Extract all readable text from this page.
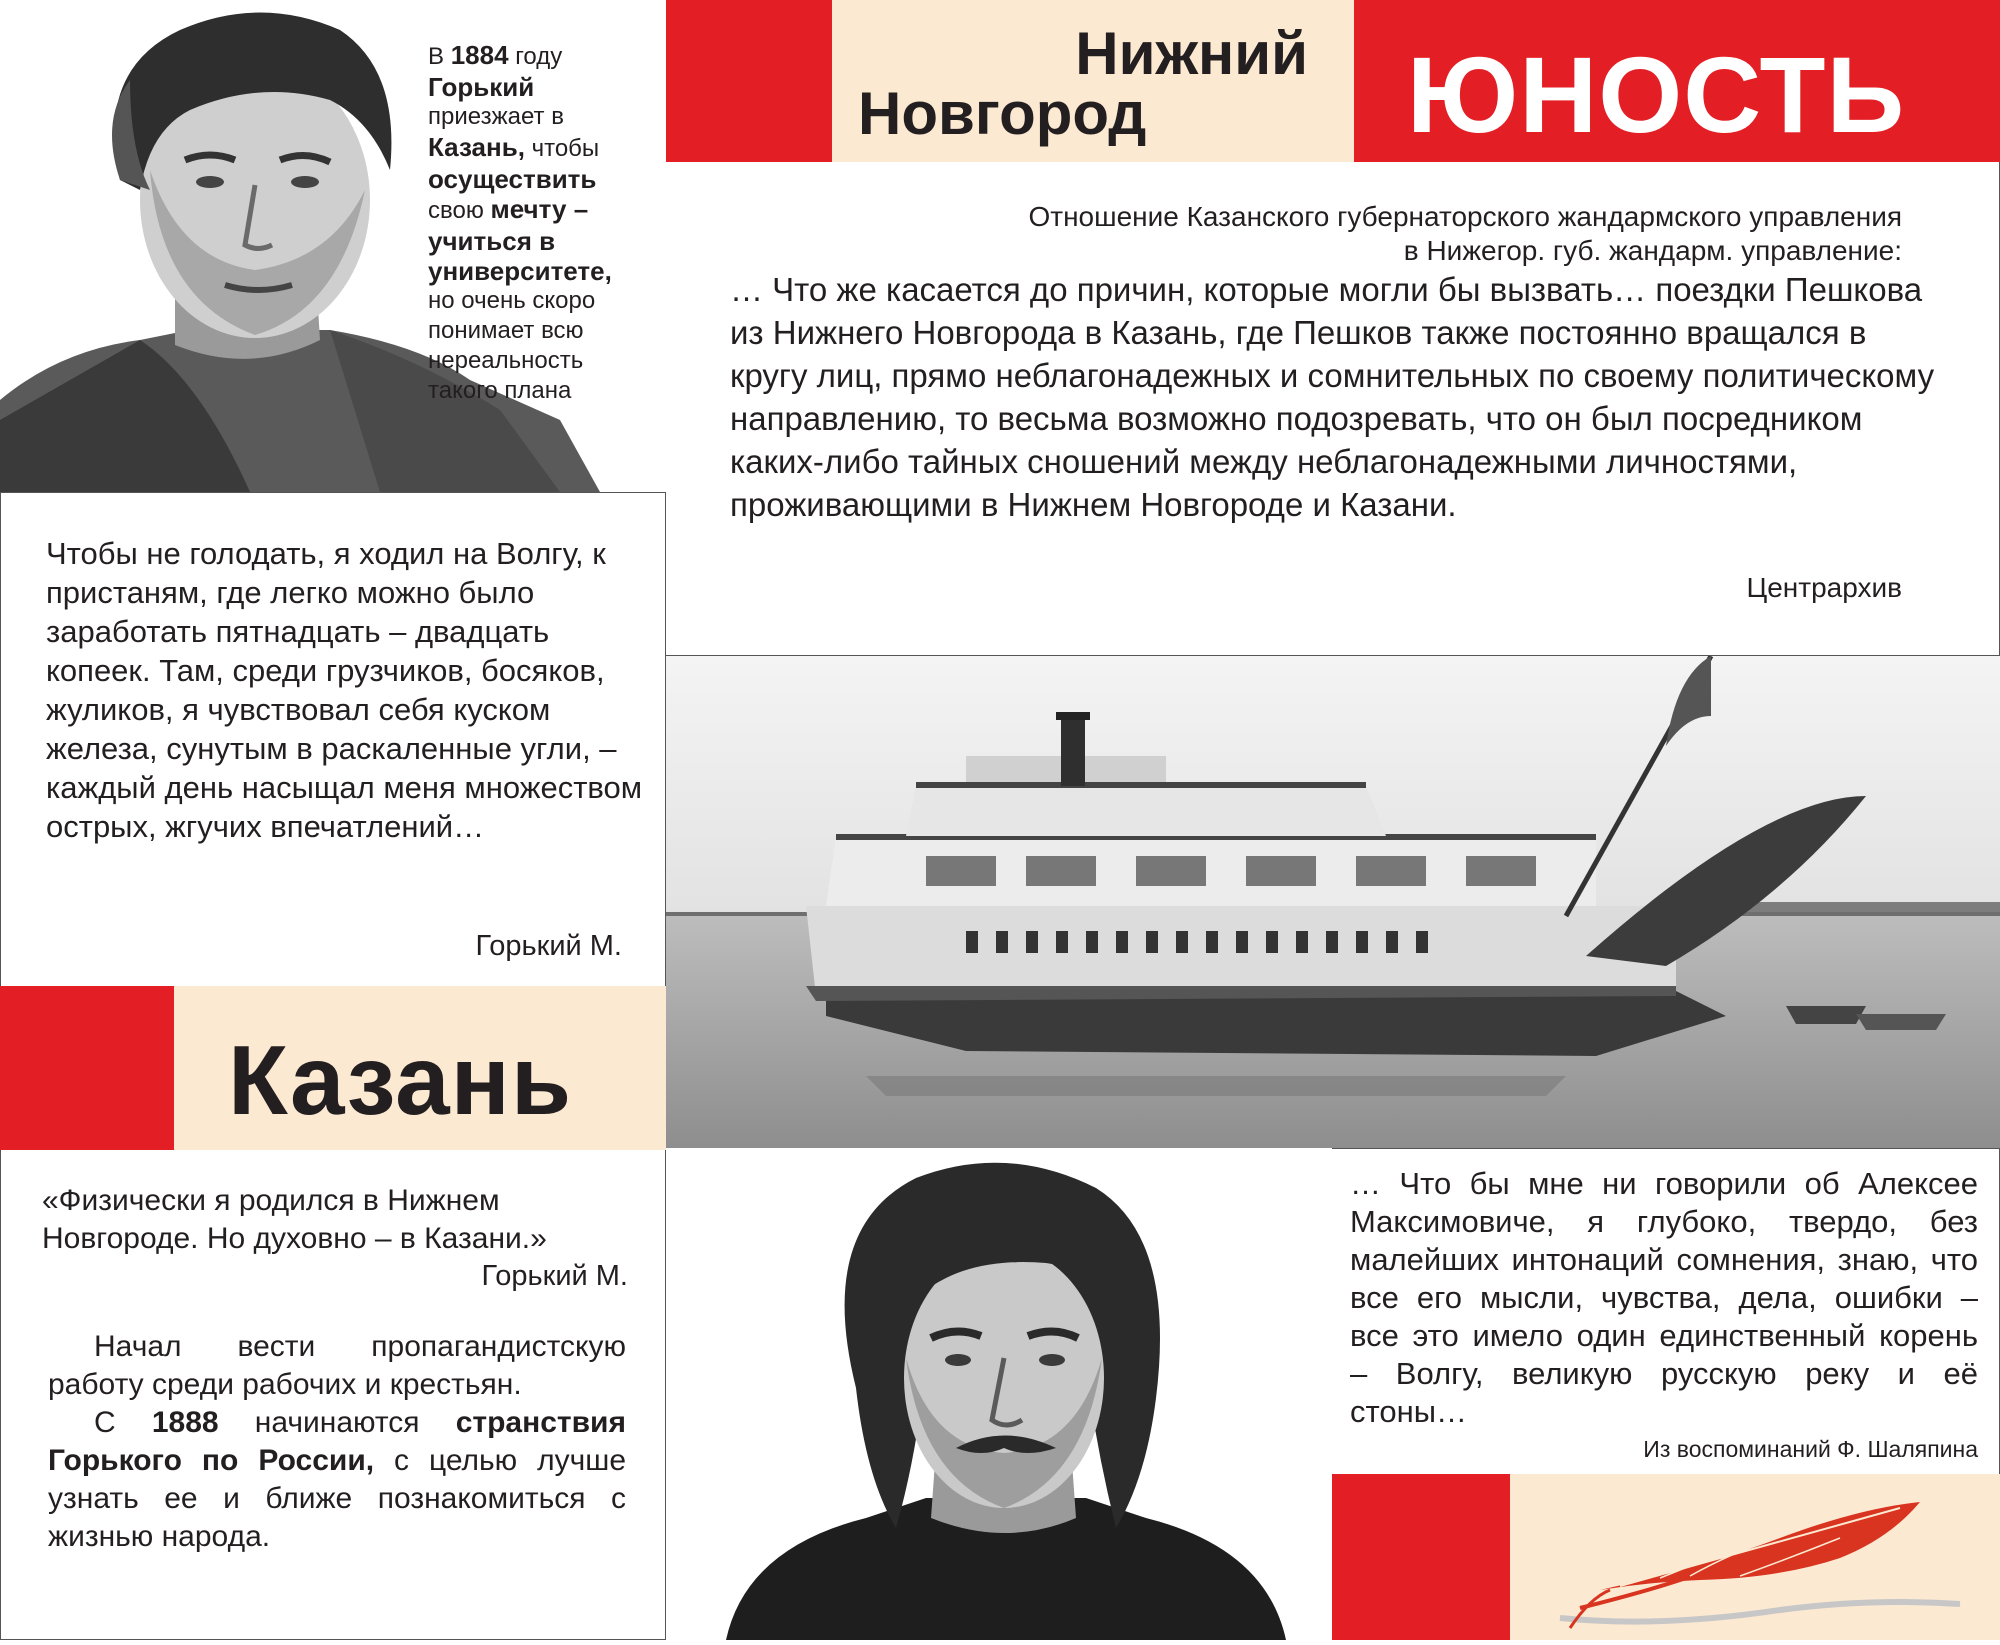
В 1884 году
Горький
приезжает в
Казань, чтобы
осуществить
свою мечту –
учиться в
университете,
но очень скоро
понимает всю
нереальность
такого плана
Чтобы не голодать, я ходил на Волгу, к пристаням, где легко можно было заработать пятнадцать – двадцать копеек. Там, среди грузчиков, босяков, жуликов, я чувствовал себя куском железа, сунутым в раскаленные угли, – каждый день насыщал меня множеством острых, жгучих впечатлений…
Горький М.
Казань
«Физически я родился в Нижнем Новгороде. Но духовно – в Казани.»
Горький М.

Начал вести пропагандистскую работу среди рабочих и крестьян.

С 1888 начинаются странствия Горького по России, с целью лучше узнать ее и ближе познакомиться с жизнью народа.

Нижний
Новгород	ЮНОСТЬ
Отношение Казанского губернаторского жандармского управления
в Нижегор. губ. жандарм. управление:
… Что же касается до причин, которые могли бы вызвать… поездки Пешкова из Нижнего Новгорода в Казань, где Пешков также постоянно вращался в кругу лиц, прямо неблагонадежных и сомнительных по своему политическому направлению, то весьма возможно подозревать, что он был посредником каких-либо тайных сношений между неблагонадежными личностями, проживающими в Нижнем Новгороде и Казани.
Центрархив
… Что бы мне ни говорили об Алексее Максимовиче, я глубоко, твердо, без малейших интонаций сомнения, знаю, что все его мысли, чувства, дела, ошибки – все это имело один единственный корень – Волгу, великую русскую реку и её стоны…
Из воспоминаний Ф. Шаляпина
